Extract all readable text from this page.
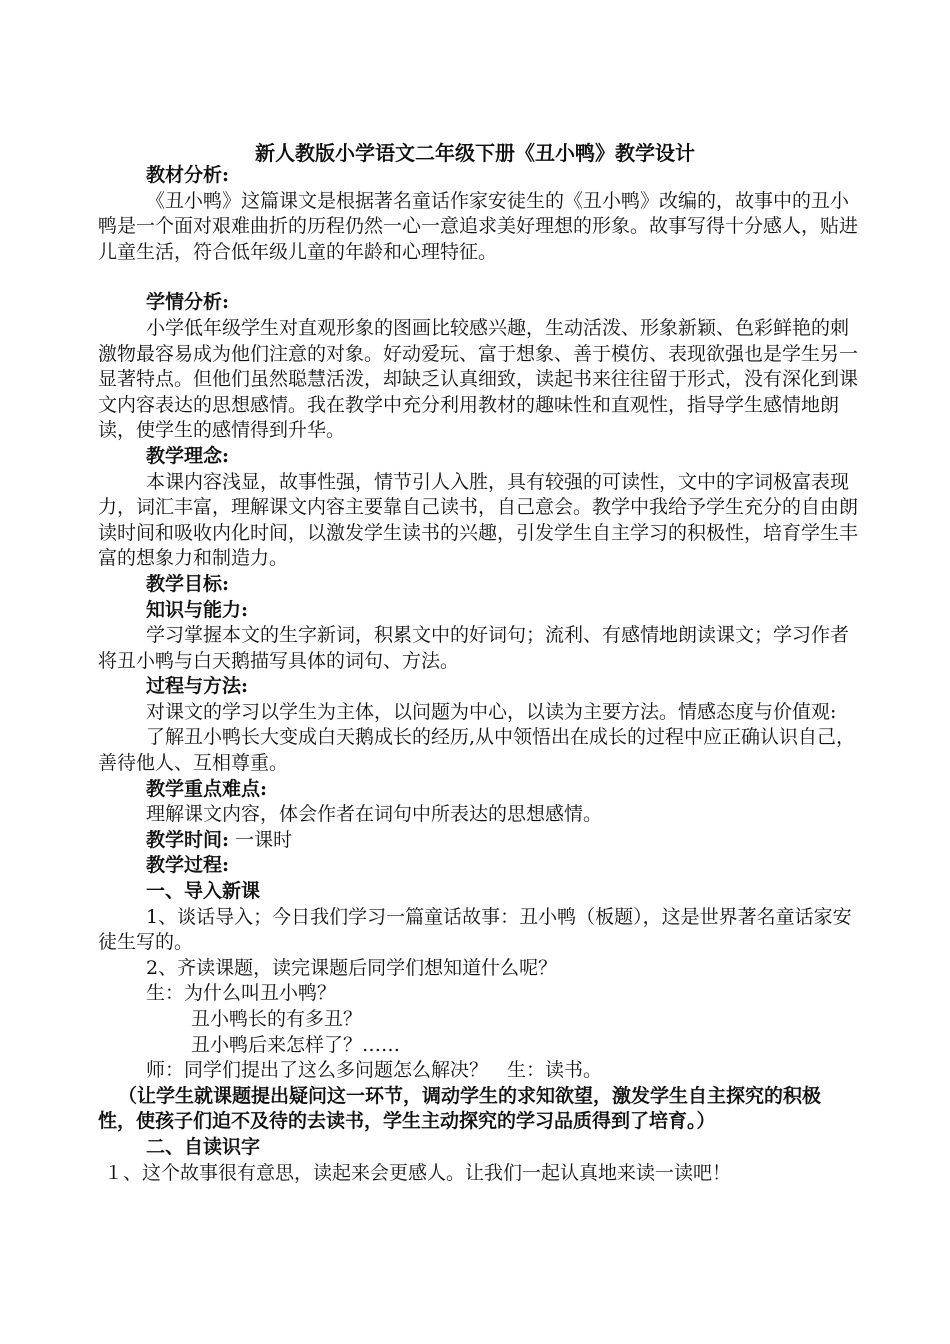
新人教版小学语文二年级下册《丑小鸭》教学设计

教材分析:

《丑小鸭》这篇课文是根据著名童话作家安徒生的《丑小鸭》改编的，故事中的丑小鸭是一个面对艰难曲折的历程仍然一心一意追求美好理想的形象。故事写得十分感人，贴进儿童生活，符合低年级儿童的年龄和心理特征。

学情分析:

小学低年级学生对直观形象的图画比较感兴趣，生动活泼、形象新颖、色彩鲜艳的刺激物最容易成为他们注意的对象。好动爱玩、富于想象、善于模仿、表现欲强也是学生另一显著特点。但他们虽然聪慧活泼，却缺乏认真细致，读起书来往往留于形式，没有深化到课文内容表达的思想感情。我在教学中充分利用教材的趣味性和直观性，指导学生感情地朗读，使学生的感情得到升华。

教学理念:

本课内容浅显，故事性强，情节引人入胜，具有较强的可读性，文中的字词极富表现力，词汇丰富，理解课文内容主要靠自己读书，自己意会。教学中我给予学生充分的自由朗读时间和吸收内化时间，以激发学生读书的兴趣，引发学生自主学习的积极性，培育学生丰富的想象力和制造力。

教学目标:

知识与能力:

学习掌握本文的生字新词，积累文中的好词句；流利、有感情地朗读课文；学习作者将丑小鸭与白天鹅描写具体的词句、方法。

过程与方法:

对课文的学习以学生为主体，以问题为中心，以读为主要方法。情感态度与价值观:

了解丑小鸭长大变成白天鹅成长的经历,从中领悟出在成长的过程中应正确认识自己，善待他人、互相尊重。

教学重点难点:

理解课文内容，体会作者在词句中所表达的思想感情。

教学时间: 一课时

教学过程:

一、导入新课

1、谈话导入；今日我们学习一篇童话故事：丑小鸭（板题），这是世界著名童话家安徒生写的。

2、齐读课题，读完课题后同学们想知道什么呢？

生：为什么叫丑小鸭？

丑小鸭长的有多丑？

丑小鸭后来怎样了？……

师：同学们提出了这么多问题怎么解决？　生：读书。

（让学生就课题提出疑问这一环节，调动学生的求知欲望，激发学生自主探究的积极性，使孩子们迫不及待的去读书，学生主动探究的学习品质得到了培育。）

二、自读识字

１、这个故事很有意思，读起来会更感人。让我们一起认真地来读一读吧！
